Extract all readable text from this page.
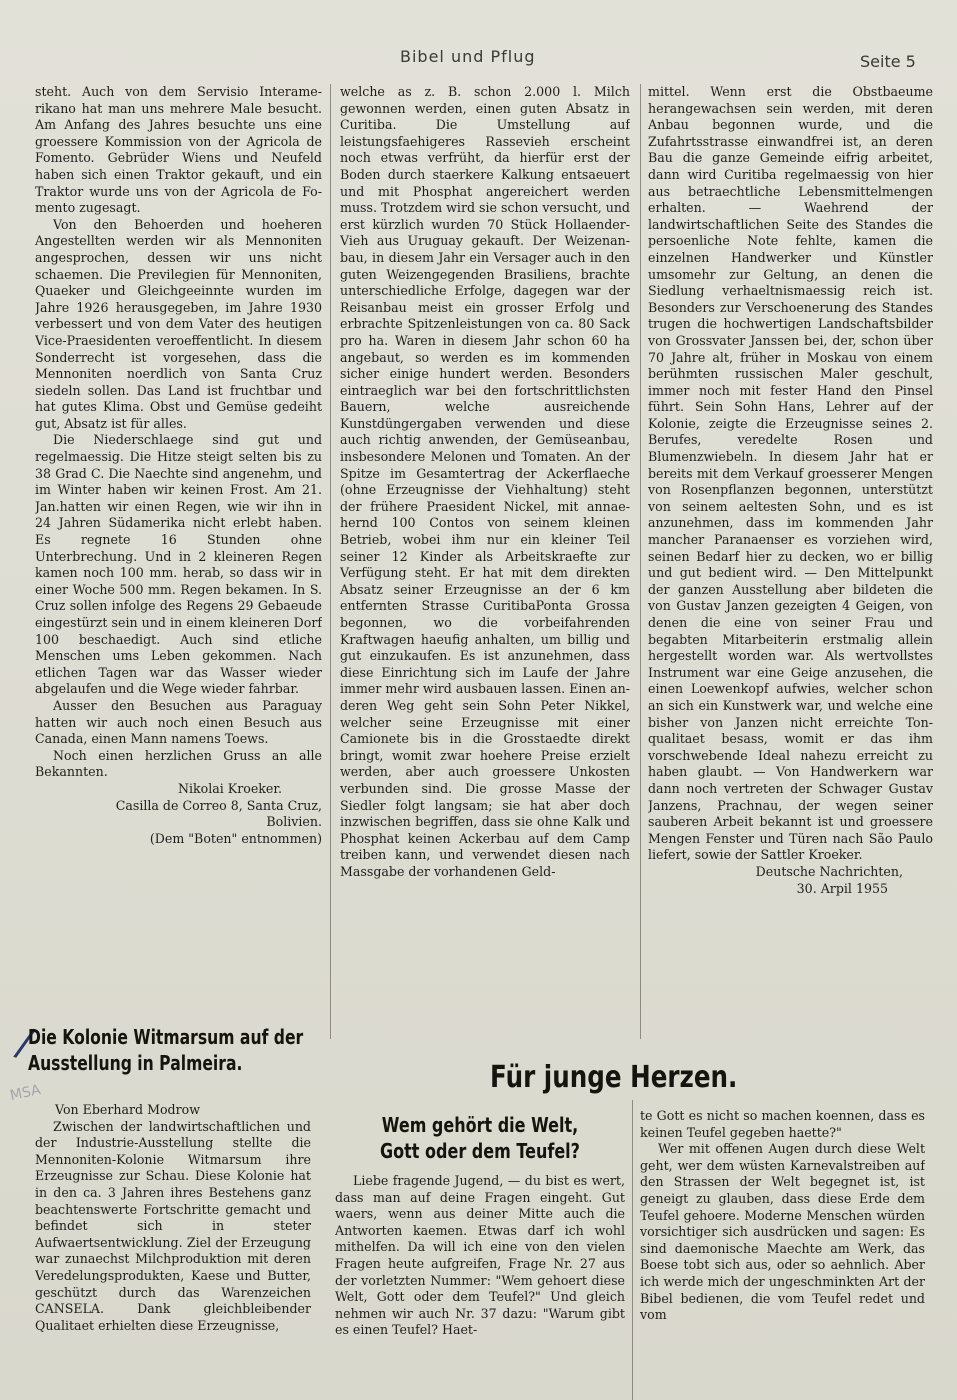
Bibel und Pflug	Seite 5

steht. Auch von dem Servisio Interamerikano hat man uns mehrere Male besucht. Am Anfang des Jahres besuchte uns eine groessere Kommission von der Agricola de Fomento. Gebrüder Wiens und Neufeld haben sich einen Traktor gekauft, und ein Traktor wurde uns von der Agricola de Fomento zugesagt.

Von den Behoerden und hoeheren Angestellten werden wir als Mennoniten angesprochen, dessen wir uns nicht schaemen. Die Previlegien für Mennoniten, Quaeker und Gleichgeeinnte wurden im Jahre 1926 herausgegeben, im Jahre 1930 verbessert und von dem Vater des heutigen Vice-Praesidenten veroeffentlicht. In diesem Sonderrecht ist vorgesehen, dass die Mennoniten noerdlich von Santa Cruz siedeln sollen. Das Land ist fruchtbar und hat gutes Klima. Obst und Gemüse gedeiht gut, Absatz ist für alles.

Die Niederschlaege sind gut und regelmaessig. Die Hitze steigt selten bis zu 38 Grad C. Die Naechte sind angenehm, und im Winter haben wir keinen Frost. Am 21. Jan.hatten wir einen Regen, wie wir ihn in 24 Jahren Südamerika nicht erlebt haben. Es regnete 16 Stunden ohne Unterbrechung. Und in 2 kleineren Regen kamen noch 100 mm. herab, so dass wir in einer Woche 500 mm. Regen bekamen. In S. Cruz sollen infolge des Regens 29 Gebaeude eingestürzt sein und in einem kleineren Dorf 100 beschaedigt. Auch sind etliche Menschen ums Leben gekommen. Nach etlichen Tagen war das Wasser wieder abgelaufen und die Wege wieder fahrbar.

Ausser den Besuchen aus Paraguay hatten wir auch noch einen Besuch aus Canada, einen Mann namens Toews.

Noch einen herzlichen Gruss an alle Bekannten.

Nikolai Kroeker.

Casilla de Correo 8, Santa Cruz,

Bolivien.

(Dem "Boten" entnommen)

welche as z. B. schon 2.000 l. Milch gewonnen werden, einen guten Absatz in Curitiba. Die Umstellung auf leistungsfaehigeres Rassevieh erscheint noch etwas verfrüht, da hierfür erst der Boden durch staerkere Kalkung entsaeuert und mit Phosphat angereichert werden muss. Trotzdem wird sie schon versucht, und erst kürzlich wurden 70 Stück Hollaender-Vieh aus Uruguay gekauft. Der Weizenanbau, in diesem Jahr ein Versager auch in den guten Weizengegenden Brasiliens, brachte unterschiedliche Erfolge, dagegen war der Reisanbau meist ein grosser Erfolg und erbrachte Spitzenleistungen von ca. 80 Sack pro ha. Waren in diesem Jahr schon 60 ha angebaut, so werden es im kommenden sicher einige hundert werden. Besonders eintraeglich war bei den fortschrittlichsten Bauern, welche ausreichende Kunstdüngergaben verwenden und diese auch richtig anwenden, der Gemüseanbau, insbesondere Melonen und Tomaten. An der Spitze im Gesamtertrag der Ackerflaeche (ohne Erzeugnisse der Viehhaltung) steht der frühere Praesident Nickel, mit annaehernd 100 Contos von seinem kleinen Betrieb, wobei ihm nur ein kleiner Teil seiner 12 Kinder als Arbeitskraefte zur Verfügung steht. Er hat mit dem direkten Absatz seiner Erzeugnisse an der 6 km entfernten Strasse CuritibaPonta Grossa begonnen, wo die vorbeifahrenden Kraftwagen haeufig anhalten, um billig und gut einzukaufen. Es ist anzunehmen, dass diese Einrichtung sich im Laufe der Jahre immer mehr wird ausbauen lassen. Einen anderen Weg geht sein Sohn Peter Nikkel, welcher seine Erzeugnisse mit einer Camionete bis in die Grosstaedte direkt bringt, womit zwar hoehere Preise erzielt werden, aber auch groessere Unkosten verbunden sind. Die grosse Masse der Siedler folgt langsam; sie hat aber doch inzwischen begriffen, dass sie ohne Kalk und Phosphat keinen Ackerbau auf dem Camp treiben kann, und verwendet diesen nach Massgabe der vorhandenen Geld-

mittel. Wenn erst die Obstbaeume herangewachsen sein werden, mit deren Anbau begonnen wurde, und die Zufahrtsstrasse einwandfrei ist, an deren Bau die ganze Gemeinde eifrig arbeitet, dann wird Curitiba regelmaessig von hier aus betraechtliche Lebensmittelmengen erhalten. — Waehrend der landwirtschaftlichen Seite des Standes die persoenliche Note fehlte, kamen die einzelnen Handwerker und Künstler umsomehr zur Geltung, an denen die Siedlung verhaeltnismaessig reich ist. Besonders zur Verschoenerung des Standes trugen die hochwertigen Landschaftsbilder von Grossvater Janssen bei, der, schon über 70 Jahre alt, früher in Moskau von einem berühmten russischen Maler geschult, immer noch mit fester Hand den Pinsel führt. Sein Sohn Hans, Lehrer auf der Kolonie, zeigte die Erzeugnisse seines 2. Berufes, veredelte Rosen und Blumenzwiebeln. In diesem Jahr hat er bereits mit dem Verkauf groesserer Mengen von Rosenpflanzen begonnen, unterstützt von seinem aeltesten Sohn, und es ist anzunehmen, dass im kommenden Jahr mancher Paranaenser es vorziehen wird, seinen Bedarf hier zu decken, wo er billig und gut bedient wird. — Den Mittelpunkt der ganzen Ausstellung aber bildeten die von Gustav Janzen gezeigten 4 Geigen, von denen die eine von seiner Frau und begabten Mitarbeiterin erstmalig allein hergestellt worden war. Als wertvollstes Instrument war eine Geige anzusehen, die einen Loewenkopf aufwies, welcher schon an sich ein Kunstwerk war, und welche eine bisher von Janzen nicht erreichte Tonqualitaet besass, womit er das ihm vorschwebende Ideal nahezu erreicht zu haben glaubt. — Von Handwerkern war dann noch vertreten der Schwager Gustav Janzens, Prachnau, der wegen seiner sauberen Arbeit bekannt ist und groessere Mengen Fenster und Türen nach São Paulo liefert, sowie der Sattler Kroeker.

Deutsche Nachrichten,

30. Arpil 1955

/
Die Kolonie Witmarsum auf der Ausstellung in Palmeira.
MSA

Von Eberhard Modrow

Zwischen der landwirtschaftlichen und der Industrie-Ausstellung stellte die Mennoniten-Kolonie Witmarsum ihre Erzeugnisse zur Schau. Diese Kolonie hat in den ca. 3 Jahren ihres Bestehens ganz beachtenswerte Fortschritte gemacht und befindet sich in steter Aufwaertsentwicklung. Ziel der Erzeugung war zunaechst Milchproduktion mit deren Veredelungsprodukten, Kaese und Butter, geschützt durch das Warenzeichen CANSELA. Dank gleichbleibender Qualitaet erhielten diese Erzeugnisse,

Für junge Herzen.
Wem gehört die Welt, Gott oder dem Teufel?

Liebe fragende Jugend, — du bist es wert, dass man auf deine Fragen eingeht. Gut waers, wenn aus deiner Mitte auch die Antworten kaemen. Etwas darf ich wohl mithelfen. Da will ich eine von den vielen Fragen heute aufgreifen, Frage Nr. 27 aus der vorletzten Nummer: "Wem gehoert diese Welt, Gott oder dem Teufel?" Und gleich nehmen wir auch Nr. 37 dazu: "Warum gibt es einen Teufel? Haet-

te Gott es nicht so machen koennen, dass es keinen Teufel gegeben haette?"

Wer mit offenen Augen durch diese Welt geht, wer dem wüsten Karnevalstreiben auf den Strassen der Welt begegnet ist, ist geneigt zu glauben, dass diese Erde dem Teufel gehoere. Moderne Menschen würden vorsichtiger sich ausdrücken und sagen: Es sind daemonische Maechte am Werk, das Boese tobt sich aus, oder so aehnlich. Aber ich werde mich der ungeschminkten Art der Bibel bedienen, die vom Teufel redet und vom
